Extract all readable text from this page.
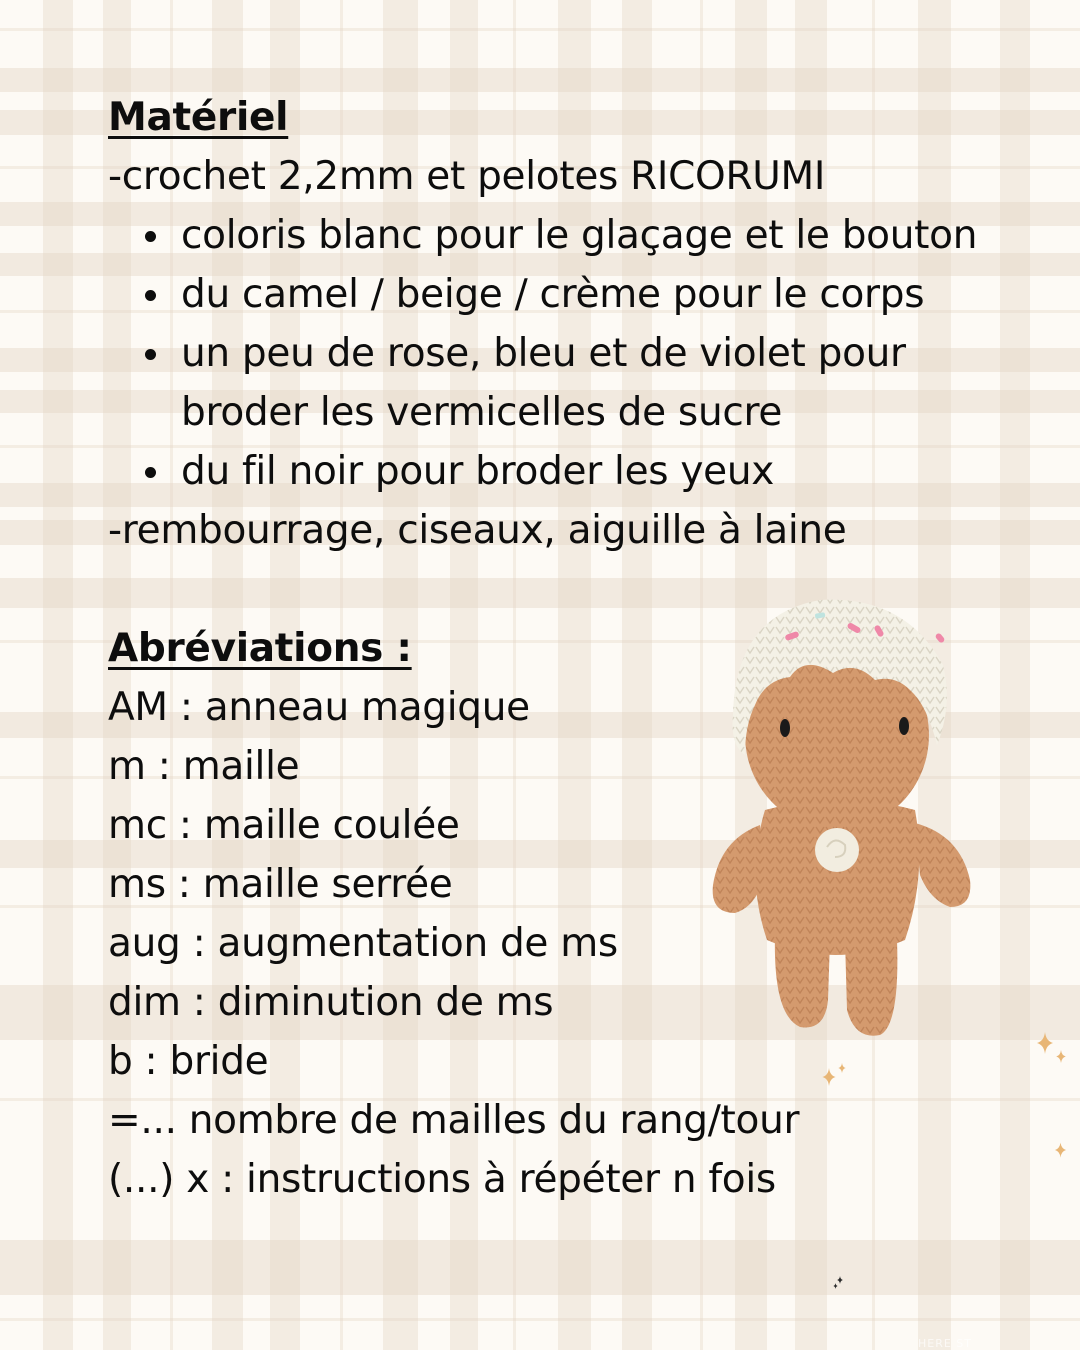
Matériel
-crochet 2,2mm et pelotes RICORUMI
coloris blanc pour le glaçage et le bouton
du camel / beige / crème pour le corps
un peu de rose, bleu et de violet pour
broder les vermicelles de sucre
du fil noir pour broder les yeux
-rembourrage, ciseaux, aiguille à laine
Abréviations :
AM : anneau magique
m : maille
mc : maille coulée
ms : maille serrée
aug : augmentation de ms
dim : diminution de ms
b : bride
=... nombre de mailles du rang/tour
(...) x : instructions à répéter n fois
HERE ST
